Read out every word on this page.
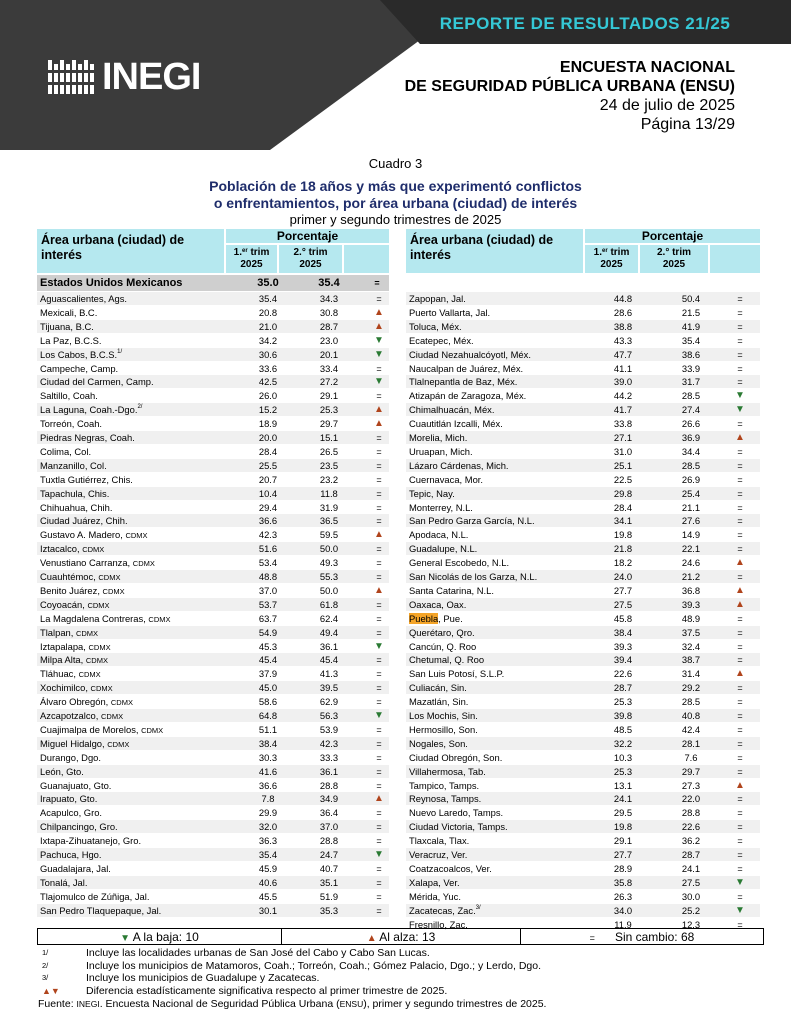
REPORTE DE RESULTADOS 21/25
INEGI	ENCUESTA NACIONAL
DE SEGURIDAD PÚBLICA URBANA (ENSU)
24 de julio de 2025
Página 13/29
Cuadro 3
Población de 18 años y más que experimentó conflictos
o enfrentamientos, por área urbana (ciudad) de interés
primer y segundo trimestres de 2025
Área urbana (ciudad) de interés
Porcentaje
1.$^{er}$ trim
2025
2.° trim
2025
Área urbana (ciudad) de interés
Porcentaje
1.$^{er}$ trim
2025
2.° trim
2025
Estados Unidos Mexicanos	35.0	35.4	=
Aguascalientes, Ags.	35.4	34.3	=
Mexicali, B.C.	20.8	30.8	▲
Tijuana, B.C.	21.0	28.7	▲
La Paz, B.C.S.	34.2	23.0	▼
Los Cabos, B.C.S.$^{1/}$	30.6	20.1	▼
Campeche, Camp.	33.6	33.4	=
Ciudad del Carmen, Camp.	42.5	27.2	▼
Saltillo, Coah.	26.0	29.1	=
La Laguna, Coah.-Dgo.$^{2/}$	15.2	25.3	▲
Torreón, Coah.	18.9	29.7	▲
Piedras Negras, Coah.	20.0	15.1	=
Colima, Col.	28.4	26.5	=
Manzanillo, Col.	25.5	23.5	=
Tuxtla Gutiérrez, Chis.	20.7	23.2	=
Tapachula, Chis.	10.4	11.8	=
Chihuahua, Chih.	29.4	31.9	=
Ciudad Juárez, Chih.	36.6	36.5	=
Gustavo A. Madero, CDMX	42.3	59.5	▲
Iztacalco, CDMX	51.6	50.0	=
Venustiano Carranza, CDMX	53.4	49.3	=
Cuauhtémoc, CDMX	48.8	55.3	=
Benito Juárez, CDMX	37.0	50.0	▲
Coyoacán, CDMX	53.7	61.8	=
La Magdalena Contreras, CDMX	63.7	62.4	=
Tlalpan, CDMX	54.9	49.4	=
Iztapalapa, CDMX	45.3	36.1	▼
Milpa Alta, CDMX	45.4	45.4	=
Tláhuac, CDMX	37.9	41.3	=
Xochimilco, CDMX	45.0	39.5	=
Álvaro Obregón, CDMX	58.6	62.9	=
Azcapotzalco, CDMX	64.8	56.3	▼
Cuajimalpa de Morelos, CDMX	51.1	53.9	=
Miguel Hidalgo, CDMX	38.4	42.3	=
Durango, Dgo.	30.3	33.3	=
León, Gto.	41.6	36.1	=
Guanajuato, Gto.	36.6	28.8	=
Irapuato, Gto.	7.8	34.9	▲
Acapulco, Gro.	29.9	36.4	=
Chilpancingo, Gro.	32.0	37.0	=
Ixtapa-Zihuatanejo, Gro.	36.3	28.8	=
Pachuca, Hgo.	35.4	24.7	▼
Guadalajara, Jal.	45.9	40.7	=
Tonalá, Jal.	40.6	35.1	=
Tlajomulco de Zúñiga, Jal.	45.5	51.9	=
San Pedro Tlaquepaque, Jal.	30.1	35.3	=
Zapopan, Jal.	44.8	50.4	=
Puerto Vallarta, Jal.	28.6	21.5	=
Toluca, Méx.	38.8	41.9	=
Ecatepec, Méx.	43.3	35.4	=
Ciudad Nezahualcóyotl, Méx.	47.7	38.6	=
Naucalpan de Juárez, Méx.	41.1	33.9	=
Tlalnepantla de Baz, Méx.	39.0	31.7	=
Atizapán de Zaragoza, Méx.	44.2	28.5	▼
Chimalhuacán, Méx.	41.7	27.4	▼
Cuautitlán Izcalli, Méx.	33.8	26.6	=
Morelia, Mich.	27.1	36.9	▲
Uruapan, Mich.	31.0	34.4	=
Lázaro Cárdenas, Mich.	25.1	28.5	=
Cuernavaca, Mor.	22.5	26.9	=
Tepic, Nay.	29.8	25.4	=
Monterrey, N.L.	28.4	21.1	=
San Pedro Garza García, N.L.	34.1	27.6	=
Apodaca, N.L.	19.8	14.9	=
Guadalupe, N.L.	21.8	22.1	=
General Escobedo, N.L.	18.2	24.6	▲
San Nicolás de los Garza, N.L.	24.0	21.2	=
Santa Catarina, N.L.	27.7	36.8	▲
Oaxaca, Oax.	27.5	39.3	▲
Puebla, Pue.	45.8	48.9	=
Querétaro, Qro.	38.4	37.5	=
Cancún, Q. Roo	39.3	32.4	=
Chetumal, Q. Roo	39.4	38.7	=
San Luis Potosí, S.L.P.	22.6	31.4	▲
Culiacán, Sin.	28.7	29.2	=
Mazatlán, Sin.	25.3	28.5	=
Los Mochis, Sin.	39.8	40.8	=
Hermosillo, Son.	48.5	42.4	=
Nogales, Son.	32.2	28.1	=
Ciudad Obregón, Son.	10.3	7.6	=
Villahermosa, Tab.	25.3	29.7	=
Tampico, Tamps.	13.1	27.3	▲
Reynosa, Tamps.	24.1	22.0	=
Nuevo Laredo, Tamps.	29.5	28.8	=
Ciudad Victoria, Tamps.	19.8	22.6	=
Tlaxcala, Tlax.	29.1	36.2	=
Veracruz, Ver.	27.7	28.7	=
Coatzacoalcos, Ver.	28.9	24.1	=
Xalapa, Ver.	35.8	27.5	▼
Mérida, Yuc.	26.3	30.0	=
Zacatecas, Zac.$^{3/}$	34.0	25.2	▼
Fresnillo, Zac.	11.9	12.3	=
▼ A la baja: 10	▲ Al alza: 13	= Sin cambio: 68
1/	Incluye las localidades urbanas de San José del Cabo y Cabo San Lucas.
2/	Incluye los municipios de Matamoros, Coah.; Torreón, Coah.; Gómez Palacio, Dgo.; y Lerdo, Dgo.
3/	Incluye los municipios de Guadalupe y Zacatecas.
▲▼ Diferencia estadísticamente significativa respecto al primer trimestre de 2025.
Fuente: INEGI. Encuesta Nacional de Seguridad Pública Urbana (ENSU), primer y segundo trimestres de 2025.
